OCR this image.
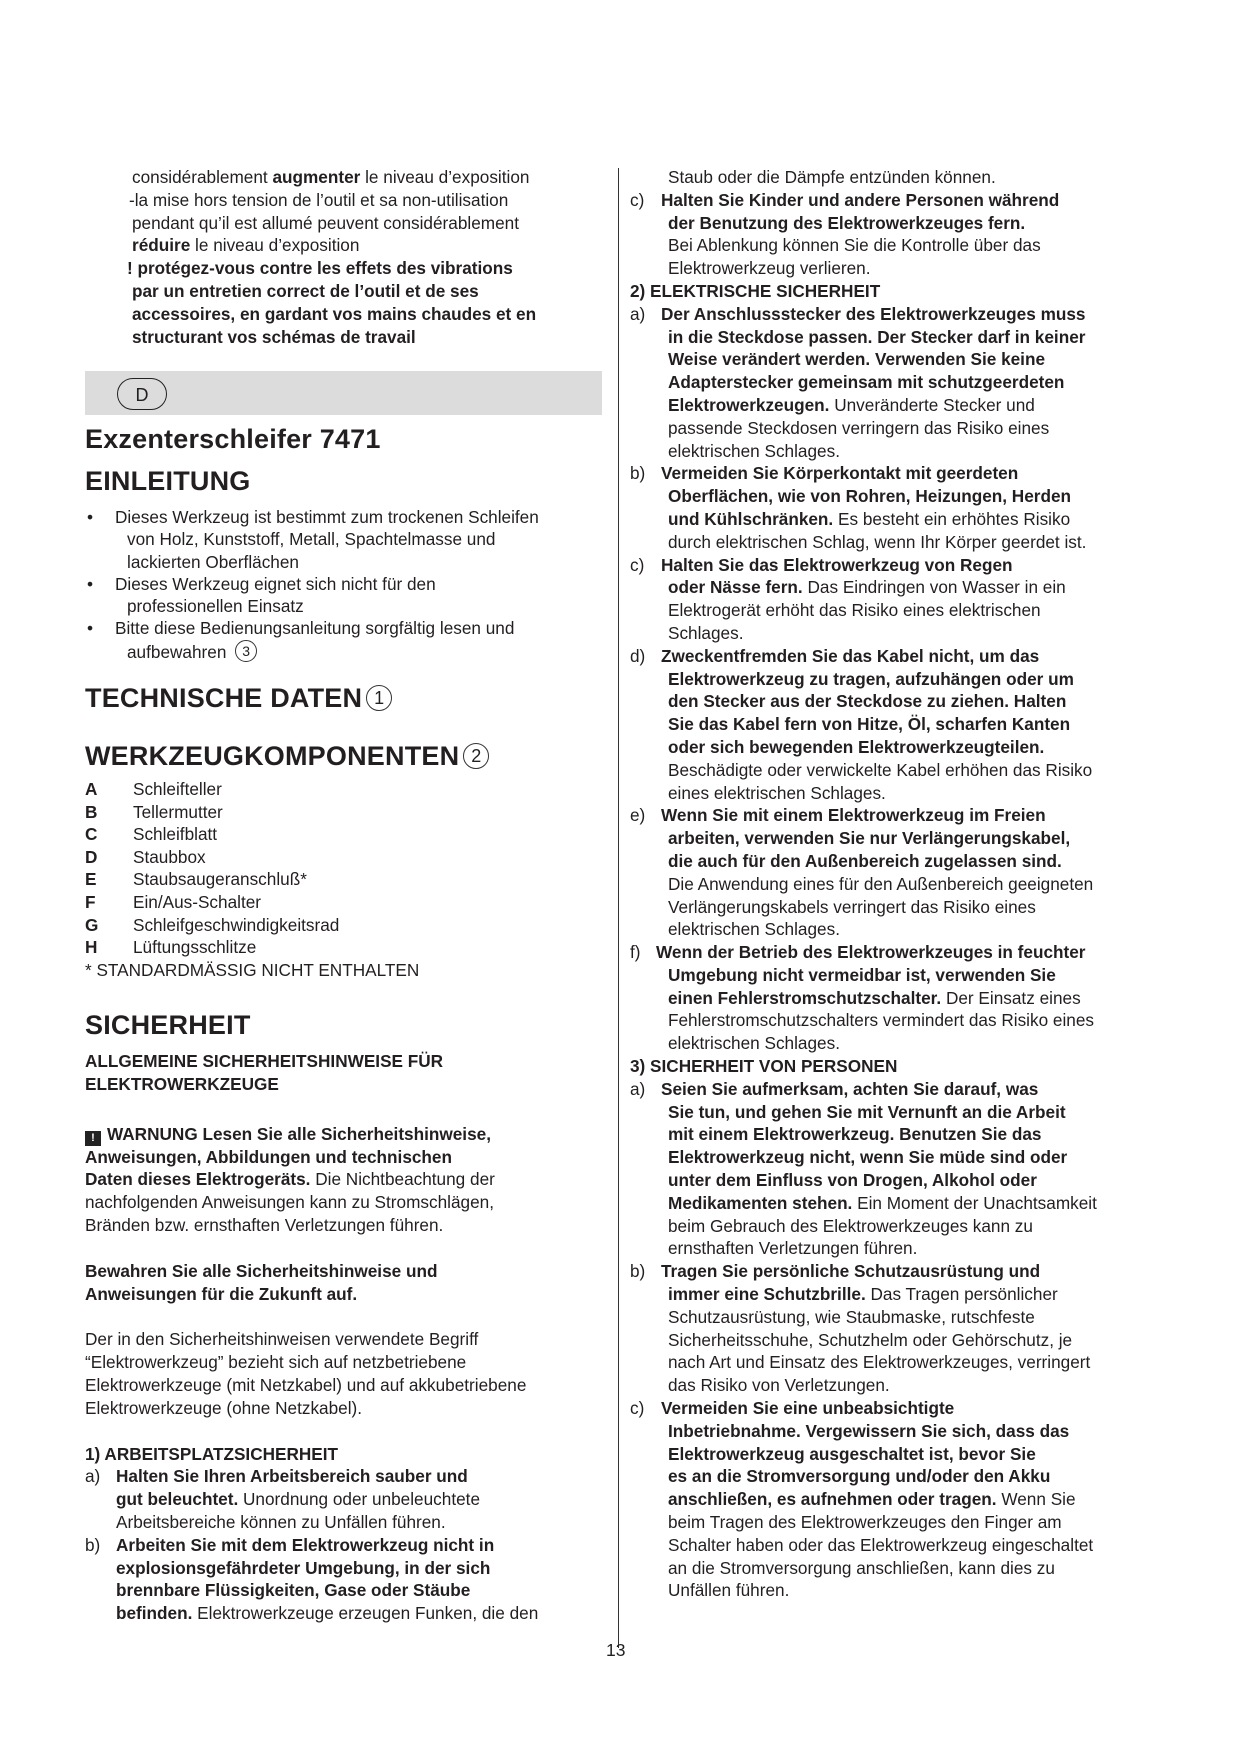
considérablement augmenter le niveau d’exposition

-la mise hors tension de l’outil et sa non-utilisation

pendant qu’il est allumé peuvent considérablement

réduire le niveau d’exposition

! protégez-vous contre les effets des vibrations

par un entretien correct de l’outil et de ses

accessoires, en gardant vos mains chaudes et en

structurant vos schémas de travail

D
Exzenterschleifer 7471
EINLEITUNG

• Dieses Werkzeug ist bestimmt zum trockenen Schleifen
von Holz, Kunststoff, Metall, Spachtelmasse und
lackierten Oberflächen

• Dieses Werkzeug eignet sich nicht für den
professionellen Einsatz

• Bitte diese Bedienungsanleitung sorgfältig lesen und
aufbewahren 3

TECHNISCHE DATEN 1
WERKZEUGKOMPONENTEN 2
A	Schleifteller
B	Tellermutter
C	Schleifblatt
D	Staubbox
E	Staubsaugeranschluß*
F	Ein/Aus-Schalter
G	Schleifgeschwindigkeitsrad
H	Lüftungsschlitze

* STANDARDMÄSSIG NICHT ENTHALTEN

SICHERHEIT

ALLGEMEINE SICHERHEITSHINWEISE FÜR

ELEKTROWERKZEUGE

! WARNUNG Lesen Sie alle Sicherheitshinweise,

Anweisungen, Abbildungen und technischen

Daten dieses Elektrogeräts. Die Nichtbeachtung der

nachfolgenden Anweisungen kann zu Stromschlägen,

Bränden bzw. ernsthaften Verletzungen führen.

Bewahren Sie alle Sicherheitshinweise und

Anweisungen für die Zukunft auf.

Der in den Sicherheitshinweisen verwendete Begriff

“Elektrowerkzeug” bezieht sich auf netzbetriebene

Elektrowerkzeuge (mit Netzkabel) und auf akkubetriebene

Elektrowerkzeuge (ohne Netzkabel).

1) ARBEITSPLATZSICHERHEIT

a) Halten Sie Ihren Arbeitsbereich sauber und
gut beleuchtet. Unordnung oder unbeleuchtete
Arbeitsbereiche können zu Unfällen führen.
b) Arbeiten Sie mit dem Elektrowerkzeug nicht in
explosionsgefährdeter Umgebung, in der sich
brennbare Flüssigkeiten, Gase oder Stäube
befinden. Elektrowerkzeuge erzeugen Funken, die den

Staub oder die Dämpfe entzünden können.

c) Halten Sie Kinder und andere Personen während
der Benutzung des Elektrowerkzeuges fern.
Bei Ablenkung können Sie die Kontrolle über das
Elektrowerkzeug verlieren.

2) ELEKTRISCHE SICHERHEIT

a) Der Anschlussstecker des Elektrowerkzeuges muss
in die Steckdose passen. Der Stecker darf in keiner
Weise verändert werden. Verwenden Sie keine
Adapterstecker gemeinsam mit schutzgeerdeten
Elektrowerkzeugen. Unveränderte Stecker und
passende Steckdosen verringern das Risiko eines
elektrischen Schlages.
b) Vermeiden Sie Körperkontakt mit geerdeten
Oberflächen, wie von Rohren, Heizungen, Herden
und Kühlschränken. Es besteht ein erhöhtes Risiko
durch elektrischen Schlag, wenn Ihr Körper geerdet ist.
c) Halten Sie das Elektrowerkzeug von Regen
oder Nässe fern. Das Eindringen von Wasser in ein
Elektrogerät erhöht das Risiko eines elektrischen
Schlages.
d) Zweckentfremden Sie das Kabel nicht, um das
Elektrowerkzeug zu tragen, aufzuhängen oder um
den Stecker aus der Steckdose zu ziehen. Halten
Sie das Kabel fern von Hitze, Öl, scharfen Kanten
oder sich bewegenden Elektrowerkzeugteilen.
Beschädigte oder verwickelte Kabel erhöhen das Risiko
eines elektrischen Schlages.
e) Wenn Sie mit einem Elektrowerkzeug im Freien
arbeiten, verwenden Sie nur Verlängerungskabel,
die auch für den Außenbereich zugelassen sind.
Die Anwendung eines für den Außenbereich geeigneten
Verlängerungskabels verringert das Risiko eines
elektrischen Schlages.
f) Wenn der Betrieb des Elektrowerkzeuges in feuchter
Umgebung nicht vermeidbar ist, verwenden Sie
einen Fehlerstromschutzschalter. Der Einsatz eines
Fehlerstromschutzschalters vermindert das Risiko eines
elektrischen Schlages.

3) SICHERHEIT VON PERSONEN

a) Seien Sie aufmerksam, achten Sie darauf, was
Sie tun, und gehen Sie mit Vernunft an die Arbeit
mit einem Elektrowerkzeug. Benutzen Sie das
Elektrowerkzeug nicht, wenn Sie müde sind oder
unter dem Einfluss von Drogen, Alkohol oder
Medikamenten stehen. Ein Moment der Unachtsamkeit
beim Gebrauch des Elektrowerkzeuges kann zu
ernsthaften Verletzungen führen.
b) Tragen Sie persönliche Schutzausrüstung und
immer eine Schutzbrille. Das Tragen persönlicher
Schutzausrüstung, wie Staubmaske, rutschfeste
Sicherheitsschuhe, Schutzhelm oder Gehörschutz, je
nach Art und Einsatz des Elektrowerkzeuges, verringert
das Risiko von Verletzungen.
c) Vermeiden Sie eine unbeabsichtigte
Inbetriebnahme. Vergewissern Sie sich, dass das
Elektrowerkzeug ausgeschaltet ist, bevor Sie
es an die Stromversorgung und/oder den Akku
anschließen, es aufnehmen oder tragen. Wenn Sie
beim Tragen des Elektrowerkzeuges den Finger am
Schalter haben oder das Elektrowerkzeug eingeschaltet
an die Stromversorgung anschließen, kann dies zu
Unfällen führen.
13
